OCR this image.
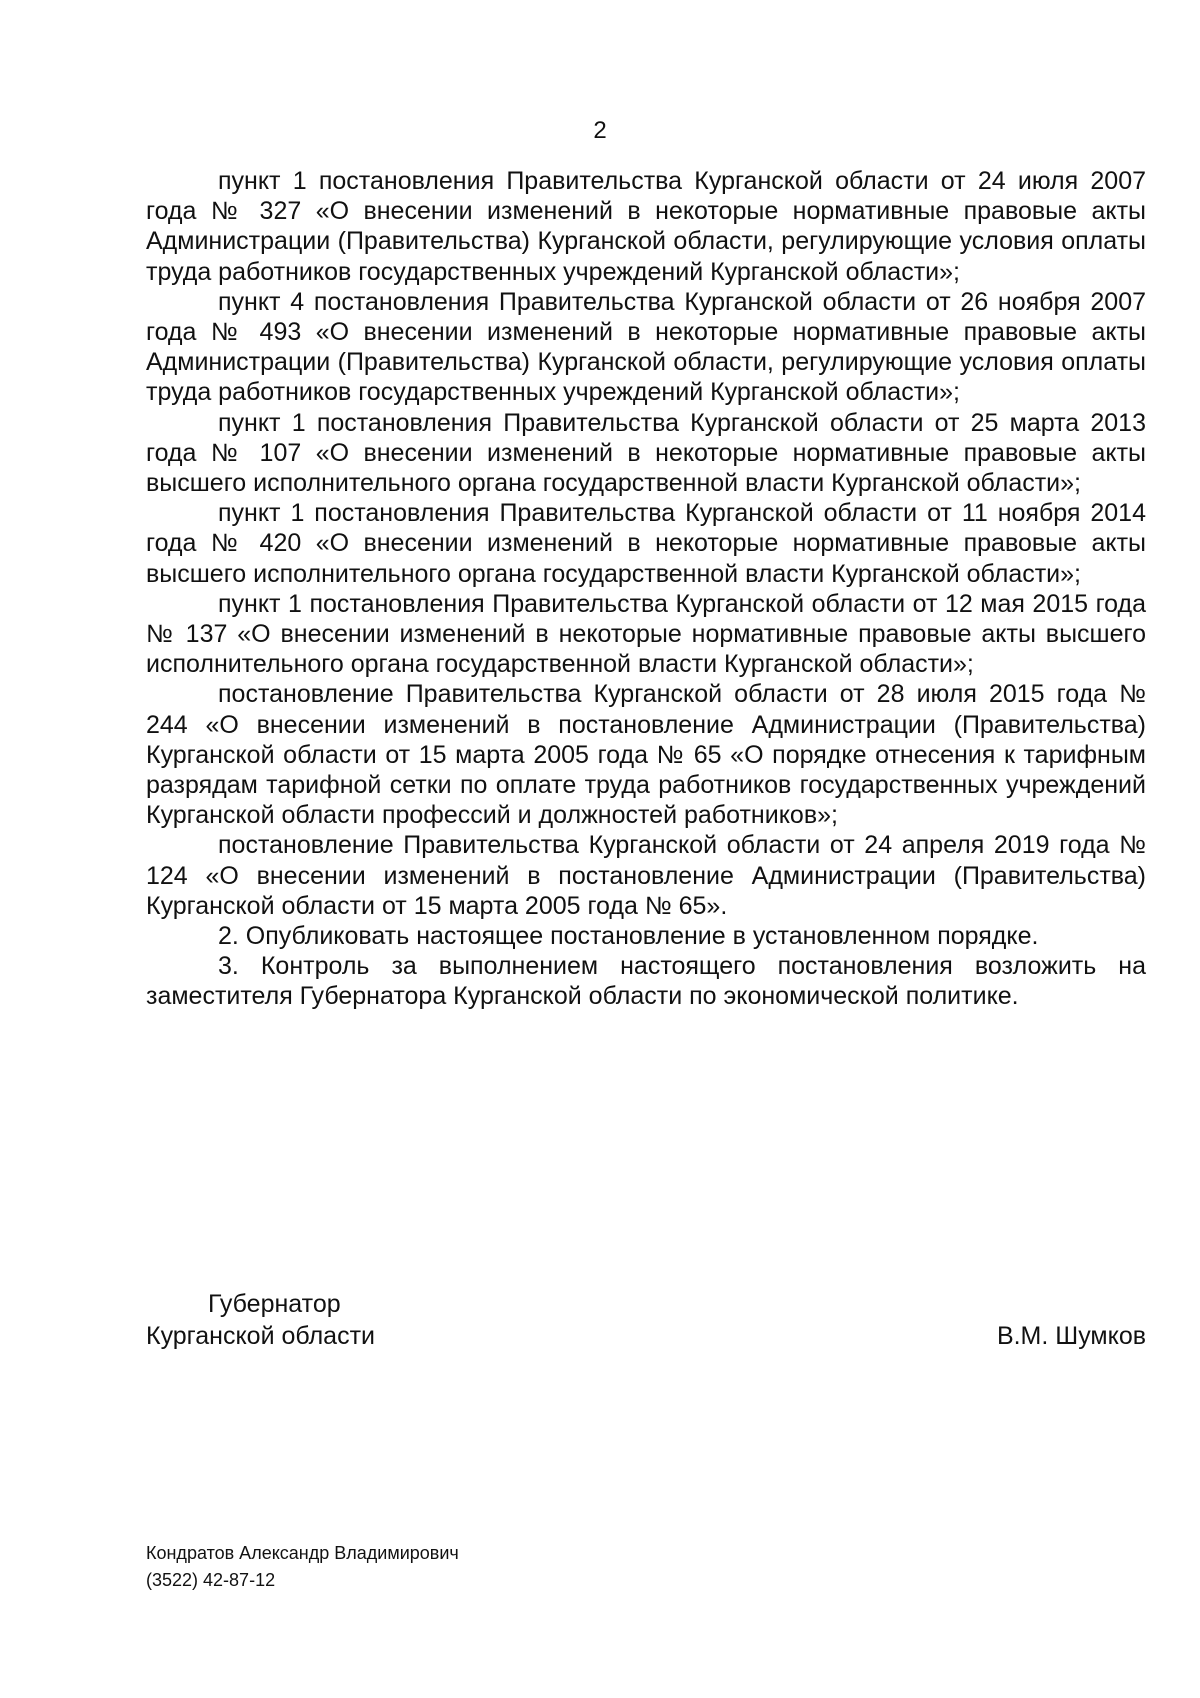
2

пункт 1 постановления Правительства Курганской области от 24 июля 2007 года № 327 «О внесении изменений в некоторые нормативные правовые акты Администрации (Правительства) Курганской области, регулирующие условия оплаты труда работников государственных учреждений Курганской области»;

пункт 4 постановления Правительства Курганской области от 26 ноября 2007 года № 493 «О внесении изменений в некоторые нормативные правовые акты Администрации (Правительства) Курганской области, регулирующие условия оплаты труда работников государственных учреждений Курганской области»;

пункт 1 постановления Правительства Курганской области от 25 марта 2013 года № 107 «О внесении изменений в некоторые нормативные правовые акты высшего исполнительного органа государственной власти Курганской области»;

пункт 1 постановления Правительства Курганской области от 11 ноября 2014 года № 420 «О внесении изменений в некоторые нормативные правовые акты высшего исполнительного органа государственной власти Курганской области»;

пункт 1 постановления Правительства Курганской области от 12 мая 2015 года № 137 «О внесении изменений в некоторые нормативные правовые акты высшего исполнительного органа государственной власти Курганской области»;

постановление Правительства Курганской области от 28 июля 2015 года № 244 «О внесении изменений в постановление Администрации (Правительства) Курганской области от 15 марта 2005 года № 65 «О порядке отнесения к тарифным разрядам тарифной сетки по оплате труда работников государственных учреждений Курганской области профессий и должностей работников»;

постановление Правительства Курганской области от 24 апреля 2019 года № 124 «О внесении изменений в постановление Администрации (Правительства) Курганской области от 15 марта 2005 года № 65».

2. Опубликовать настоящее постановление в установленном порядке.

3. Контроль за выполнением настоящего постановления возложить на заместителя Губернатора Курганской области по экономической политике.

Губернатор
Курганской области	В.М. Шумков
Кондратов Александр Владимирович
(3522) 42-87-12
